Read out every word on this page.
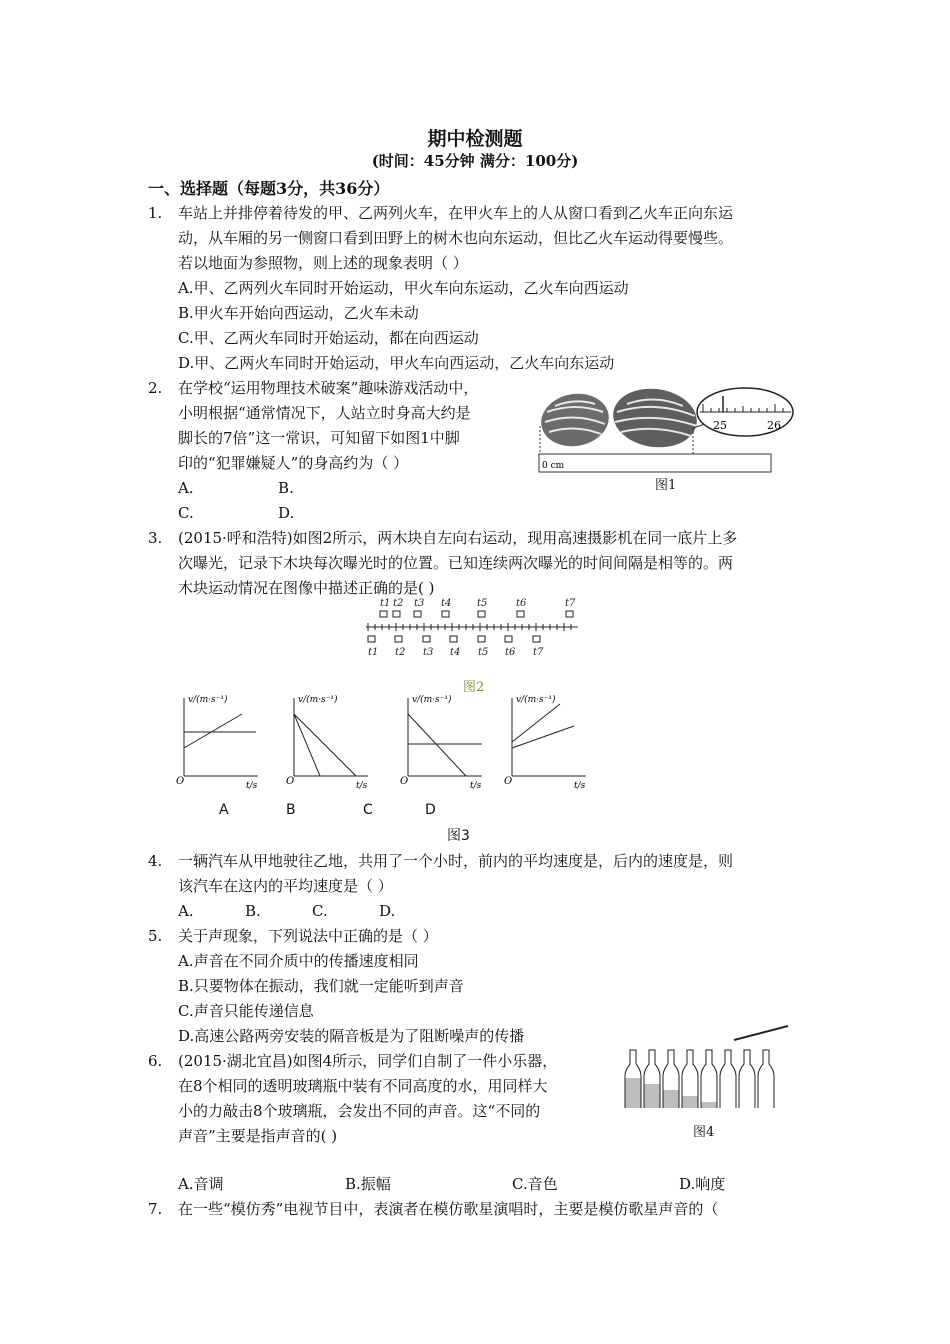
期中检测题
(时间：45分钟 满分：100分)
一、选择题（每题3分，共36分）
1. 车站上并排停着待发的甲、乙两列火车，在甲火车上的人从窗口看到乙火车正向东运
动，从车厢的另一侧窗口看到田野上的树木也向东运动，但比乙火车运动得要慢些。
若以地面为参照物，则上述的现象表明（ ）
A.甲、乙两列火车同时开始运动，甲火车向东运动，乙火车向西运动
B.甲火车开始向西运动，乙火车未动
C.甲、乙两火车同时开始运动，都在向西运动
D.甲、乙两火车同时开始运动，甲火车向西运动，乙火车向东运动
2. 在学校“运用物理技术破案”趣味游戏活动中，
小明根据“通常情况下，人站立时身高大约是
脚长的7倍”这一常识，可知留下如图1中脚
印的“犯罪嫌疑人”的身高约为（ ）
A.	B.
C.	D.
25	26
0 cm
图1
3. (2015·呼和浩特)如图2所示，两木块自左向右运动，现用高速摄影机在同一底片上多
次曝光，记录下木块每次曝光时的位置。已知连续两次曝光的时间间隔是相等的。两
木块运动情况在图像中描述正确的是( )
t1 t2 t3 t4	t5	t6	t7
t1 t2 t3 t4 t5 t6 t7
图2
v/(m·s⁻¹)
O	t/s
v/(m·s⁻¹)
O	t/s
v/(m·s⁻¹)
O	t/s
v/(m·s⁻¹)
O	t/s
A	B	C	D
图3
4. 一辆汽车从甲地驶往乙地，共用了一个小时，前内的平均速度是，后内的速度是，则
该汽车在这内的平均速度是（ ）
A.	B.	C.	D.
5. 关于声现象，下列说法中正确的是（ ）
A.声音在不同介质中的传播速度相同
B.只要物体在振动，我们就一定能听到声音
C.声音只能传递信息
D.高速公路两旁安装的隔音板是为了阻断噪声的传播
6. (2015·湖北宜昌)如图4所示，同学们自制了一件小乐器，
在8个相同的透明玻璃瓶中装有不同高度的水，用同样大
小的力敲击8个玻璃瓶，会发出不同的声音。这“不同的
声音”主要是指声音的( )
A.音调	B.振幅	C.音色	D.响度
图4
7. 在一些“模仿秀”电视节目中，表演者在模仿歌星演唱时，主要是模仿歌星声音的（
